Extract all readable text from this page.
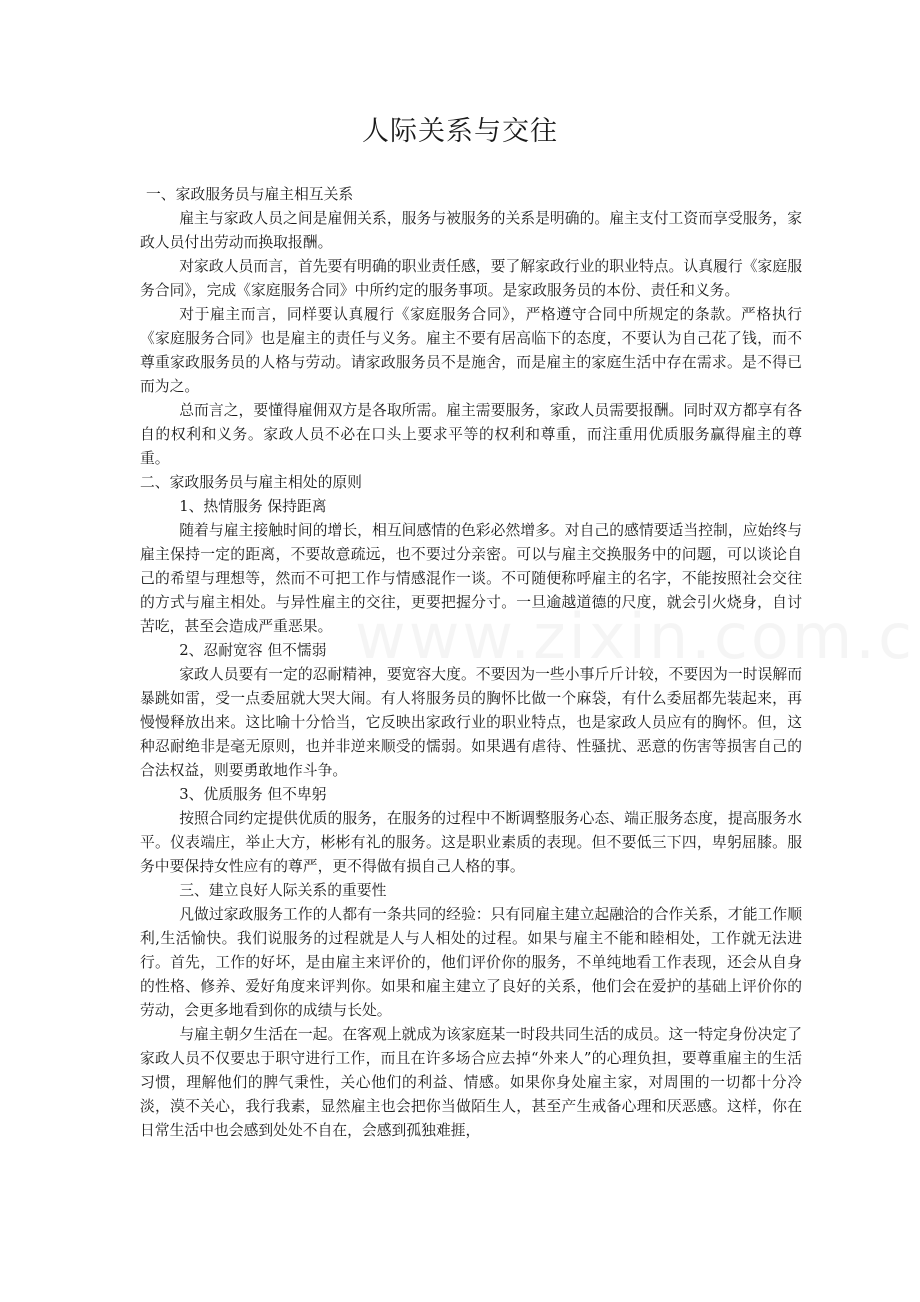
人际关系与交往

一、家政服务员与雇主相互关系

雇主与家政人员之间是雇佣关系，服务与被服务的关系是明确的。雇主支付工资而享受服务，家政人员付出劳动而换取报酬。

对家政人员而言，首先要有明确的职业责任感，要了解家政行业的职业特点。认真履行《家庭服务合同》，完成《家庭服务合同》中所约定的服务事项。是家政服务员的本份、责任和义务。

对于雇主而言，同样要认真履行《家庭服务合同》，严格遵守合同中所规定的条款。严格执行《家庭服务合同》也是雇主的责任与义务。雇主不要有居高临下的态度，不要认为自己花了钱，而不尊重家政服务员的人格与劳动。请家政服务员不是施舍，而是雇主的家庭生活中存在需求。是不得已而为之。

总而言之，要懂得雇佣双方是各取所需。雇主需要服务，家政人员需要报酬。同时双方都享有各自的权利和义务。家政人员不必在口头上要求平等的权利和尊重，而注重用优质服务赢得雇主的尊重。

二、家政服务员与雇主相处的原则

1、热情服务 保持距离

随着与雇主接触时间的增长，相互间感情的色彩必然增多。对自己的感情要适当控制，应始终与雇主保持一定的距离，不要故意疏远，也不要过分亲密。可以与雇主交换服务中的问题，可以谈论自己的希望与理想等，然而不可把工作与情感混作一谈。不可随便称呼雇主的名字，不能按照社会交往的方式与雇主相处。与异性雇主的交往，更要把握分寸。一旦逾越道德的尺度，就会引火烧身，自讨苦吃，甚至会造成严重恶果。

2、忍耐宽容 但不懦弱

家政人员要有一定的忍耐精神，要宽容大度。不要因为一些小事斤斤计较，不要因为一时误解而暴跳如雷，受一点委屈就大哭大闹。有人将服务员的胸怀比做一个麻袋，有什么委屈都先装起来，再慢慢释放出来。这比喻十分恰当，它反映出家政行业的职业特点，也是家政人员应有的胸怀。但，这种忍耐绝非是毫无原则，也并非逆来顺受的懦弱。如果遇有虐待、性骚扰、恶意的伤害等损害自己的合法权益，则要勇敢地作斗争。

3、优质服务 但不卑躬

按照合同约定提供优质的服务，在服务的过程中不断调整服务心态、端正服务态度，提高服务水平。仪表端庄，举止大方，彬彬有礼的服务。这是职业素质的表现。但不要低三下四，卑躬屈膝。服务中要保持女性应有的尊严，更不得做有损自己人格的事。

三、建立良好人际关系的重要性

凡做过家政服务工作的人都有一条共同的经验：只有同雇主建立起融洽的合作关系，才能工作顺利,生活愉快。我们说服务的过程就是人与人相处的过程。如果与雇主不能和睦相处，工作就无法进行。首先，工作的好坏，是由雇主来评价的，他们评价你的服务，不单纯地看工作表现，还会从自身的性格、修养、爱好角度来评判你。如果和雇主建立了良好的关系，他们会在爱护的基础上评价你的劳动，会更多地看到你的成绩与长处。

与雇主朝夕生活在一起。在客观上就成为该家庭某一时段共同生活的成员。这一特定身份决定了家政人员不仅要忠于职守进行工作，而且在许多场合应去掉“外来人”的心理负担，要尊重雇主的生活习惯，理解他们的脾气秉性，关心他们的利益、情感。如果你身处雇主家，对周围的一切都十分冷淡，漠不关心，我行我素，显然雇主也会把你当做陌生人，甚至产生戒备心理和厌恶感。这样，你在日常生活中也会感到处处不自在，会感到孤独难捱，
